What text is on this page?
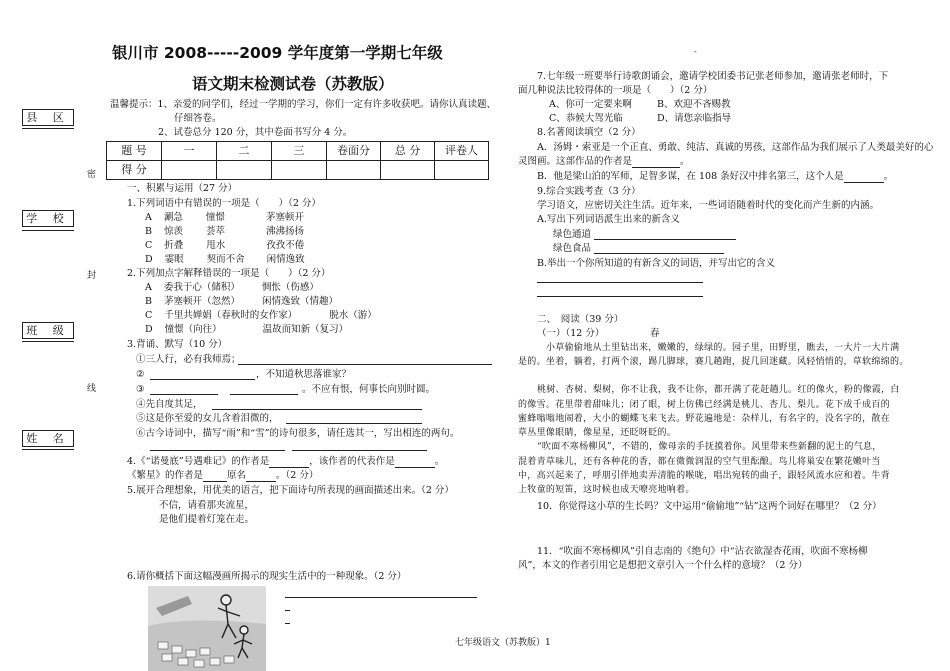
县 区
学 校
班 级
姓 名
密
封
线
银川市 2008-----2009 学年度第一学期七年级
语文期末检测试卷（苏教版）
温馨提示：1、亲爱的同学们，经过一学期的学习，你们一定有许多收获吧。请你认真读题、
仔细答卷。
2、试卷总分 120 分，其中卷面书写分 4 分。
题 号	一	二	三	卷面分	总 分	评卷人
得 分						
一、积累与运用（27 分）
1.下列词语中有错误的一项是（　　）（2 分）
A 涮急 憧憬	茅塞顿开
B 惊羡 荟萃	沸沸扬扬
C 折叠 甩水	孜孜不倦
D 霎眼 契而不舍 闲情逸致
2.下列加点字解释错误的一项是（　　）（2 分）
A 委我于心（储积） 惆怅（伤感）
B 茅塞顿开（忽然） 闲情逸致（情趣）
C 千里共婵娟（春秋时的女作家）	脱水（游）
D 憧憬（向往）	温故而知新（复习）
3.背诵、默写（10 分）
①三人行，必有我师焉；
②	，不知道秋思落谁家？
③	。不应有恨，何事长向别时圆。
④先自度其足，
⑤这是你至爱的女儿含着泪微的，
⑥古今诗词中，描写“雨”和“雪”的诗句很多，请任选其一，写出相连的两句。
4.《“诺曼底”号遇难记》的作者是	，该作者的代表作是	。
《繁星》的作者是	原名	。（2 分）
5.展开合理想象，用优美的语言，把下面诗句所表现的画面描述出来。（2 分）
不信，请看那夹流星，
是他们提着灯笼在走。
6.请你概括下面这幅漫画所揭示的现实生活中的一种现象。（2 分）
-
7.七年级一班要举行诗歌朗诵会，邀请学校团委书记张老师参加，邀请张老师时，下
面几种说法比较得体的一项是（　　）（2 分）
A、你可一定要来啊	B、欢迎不吝赐教
C、恭候大驾光临	D、请您亲临指导
8.名著阅读填空（2 分）
A．汤姆・索亚是一个正直、勇敢、纯洁、真诚的男孩，这部作品为我们展示了人类最美好的心
灵图画。这部作品的作者是	。
B．他是梁山泊的军师，足智多谋，在 108 条好汉中排名第三，这个人是	。
9.综合实践考查（3 分）
学习语文，应密切关注生活。近年来，一些词语随着时代的变化而产生新的内涵。
A.写出下列词语派生出来的新含义
绿色通道
绿色食品
B.举出一个你所知道的有新含义的词语，并写出它的含义
二、　阅读（39 分）
（一）（12 分）	春
小草偷偷地从土里钻出来，嫩嫩的，绿绿的。园子里，田野里，瞧去，一大片一大片满
是的。坐着，躺着，打两个滚，踢几脚球，赛几趟跑，捉几回迷藏。风轻悄悄的，草软绵绵的。
桃树、杏树、梨树，你不让我，我不让你，都开满了花赶趟儿。红的像火，粉的像霞，白
的像雪。花里带着甜味儿；闭了眼，树上仿佛已经满是桃儿、杏儿、梨儿。花下成千成百的
蜜蜂嗡嗡地闹着，大小的蝴蝶飞来飞去。野花遍地是：杂样儿，有名字的，没名字的，散在
草丛里像眼睛，像星星，还眨呀眨的。
“吹面不寒杨柳风”，不错的，像母亲的手抚摸着你。风里带来些新翻的泥土的气息，
混着青草味儿，还有各种花的香，都在微微润湿的空气里酝酿。鸟儿将巢安在繁花嫩叶当
中，高兴起来了，呼朋引伴地卖弄清脆的喉咙，唱出宛转的曲子，跟轻风流水应和着。牛背
上牧童的短笛，这时候也成天嘹亮地响着。
10．你觉得这小草的生长吗？文中运用“偷偷地”“钻”这两个词好在哪里？（2 分）
11．“吹面不寒杨柳风”引自志南的《绝句》中“沾衣欲湿杏花雨，吹面不寒杨柳
风”，本文的作者引用它是想把文章引入一个什么样的意境？（2 分）
七年级语文（苏教版）1
